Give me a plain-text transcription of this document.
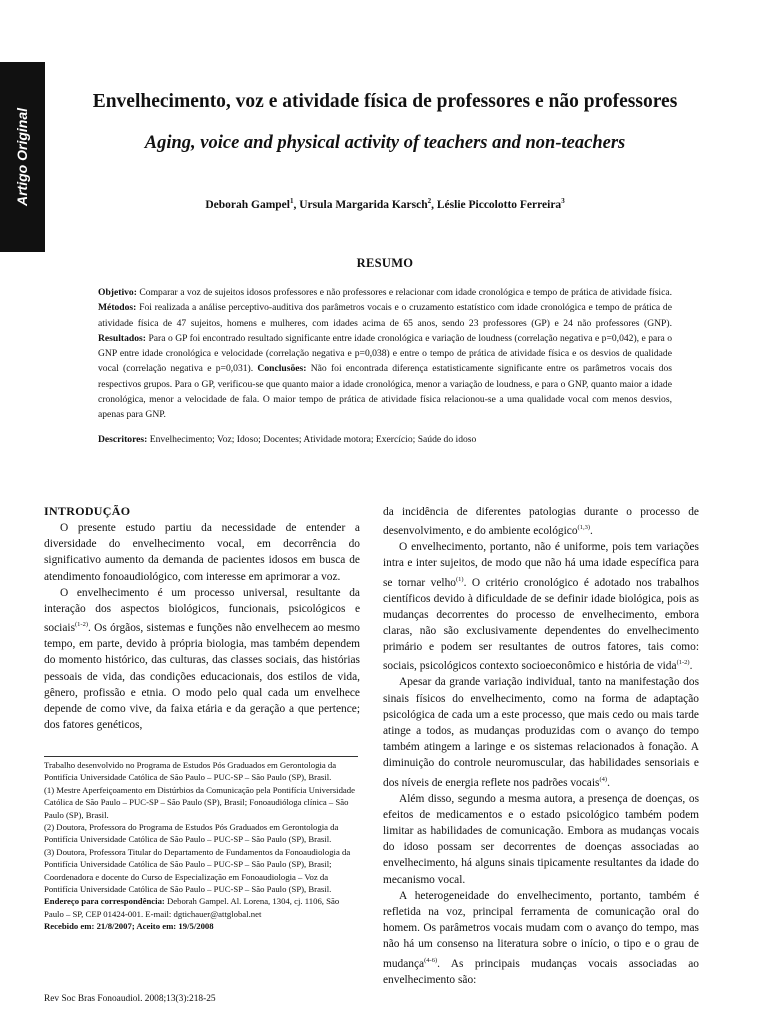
Artigo Original
Envelhecimento, voz e atividade física de professores e não professores
Aging, voice and physical activity of teachers and non-teachers
Deborah Gampel$^1$, Ursula Margarida Karsch$^2$, Léslie Piccolotto Ferreira$^3$
RESUMO
Objetivo: Comparar a voz de sujeitos idosos professores e não professores e relacionar com idade cronológica e tempo de prática de atividade física. Métodos: Foi realizada a análise perceptivo-auditiva dos parâmetros vocais e o cruzamento estatístico com idade cronológica e tempo de prática de atividade física de 47 sujeitos, homens e mulheres, com idades acima de 65 anos, sendo 23 professores (GP) e 24 não professores (GNP). Resultados: Para o GP foi encontrado resultado significante entre idade cronológica e variação de loudness (correlação negativa e p=0,042), e para o GNP entre idade cronológica e velocidade (correlação negativa e p=0,038) e entre o tempo de prática de atividade física e os desvios de qualidade vocal (correlação negativa e p=0,031). Conclusões: Não foi encontrada diferença estatisticamente significante entre os parâmetros vocais dos respectivos grupos. Para o GP, verificou-se que quanto maior a idade cronológica, menor a variação de loudness, e para o GNP, quanto maior a idade cronológica, menor a velocidade de fala. O maior tempo de prática de atividade física relacionou-se a uma qualidade vocal com menos desvios, apenas para GNP.
Descritores: Envelhecimento; Voz; Idoso; Docentes; Atividade motora; Exercício; Saúde do idoso
INTRODUÇÃO

O presente estudo partiu da necessidade de entender a diversidade do envelhecimento vocal, em decorrência do significativo aumento da demanda de pacientes idosos em busca de atendimento fonoaudiológico, com interesse em aprimorar a voz.

O envelhecimento é um processo universal, resultante da interação dos aspectos biológicos, funcionais, psicológicos e sociais$^{(1-2)}$. Os órgãos, sistemas e funções não envelhecem ao mesmo tempo, em parte, devido à própria biologia, mas também dependem do momento histórico, das culturas, das classes sociais, das histórias pessoais de vida, das condições educacionais, dos estilos de vida, gênero, profissão e etnia. O modo pelo qual cada um envelhece depende de como vive, da faixa etária e da geração a que pertence; dos fatores genéticos,

Trabalho desenvolvido no Programa de Estudos Pós Graduados em Gerontologia da Pontifícia Universidade Católica de São Paulo – PUC-SP – São Paulo (SP), Brasil.
(1) Mestre Aperfeiçoamento em Distúrbios da Comunicação pela Pontifícia Universidade Católica de São Paulo – PUC-SP – São Paulo (SP), Brasil; Fonoaudióloga clínica – São Paulo (SP), Brasil.
(2) Doutora, Professora do Programa de Estudos Pós Graduados em Gerontologia da Pontifícia Universidade Católica de São Paulo – PUC-SP – São Paulo (SP), Brasil.
(3) Doutora, Professora Titular do Departamento de Fundamentos da Fonoaudiologia da Pontifícia Universidade Católica de São Paulo – PUC-SP – São Paulo (SP), Brasil; Coordenadora e docente do Curso de Especialização em Fonoaudiologia – Voz da Pontifícia Universidade Católica de São Paulo – PUC-SP – São Paulo (SP), Brasil.
Endereço para correspondência: Deborah Gampel. Al. Lorena, 1304, cj. 1106, São Paulo – SP, CEP 01424-001. E-mail: dgtichauer@attglobal.net
Recebido em: 21/8/2007; Aceito em: 19/5/2008
Rev Soc Bras Fonoaudiol. 2008;13(3):218-25

da incidência de diferentes patologias durante o processo de desenvolvimento, e do ambiente ecológico$^{(1,3)}$.

O envelhecimento, portanto, não é uniforme, pois tem variações intra e inter sujeitos, de modo que não há uma idade específica para se tornar velho$^{(1)}$. O critério cronológico é adotado nos trabalhos científicos devido à dificuldade de se definir idade biológica, pois as mudanças decorrentes do processo de envelhecimento, embora claras, não são exclusivamente dependentes do envelhecimento primário e podem ser resultantes de outros fatores, tais como: sociais, psicológicos contexto socioeconômico e história de vida$^{(1-2)}$.

Apesar da grande variação individual, tanto na manifestação dos sinais físicos do envelhecimento, como na forma de adaptação psicológica de cada um a este processo, que mais cedo ou mais tarde atinge a todos, as mudanças produzidas com o avanço do tempo também atingem a laringe e os sistemas relacionados à fonação. A diminuição do controle neuromuscular, das habilidades sensoriais e dos níveis de energia reflete nos padrões vocais$^{(4)}$.

Além disso, segundo a mesma autora, a presença de doenças, os efeitos de medicamentos e o estado psicológico também podem limitar as habilidades de comunicação. Embora as mudanças vocais do idoso possam ser decorrentes de doenças associadas ao envelhecimento, há alguns sinais tipicamente resultantes da idade do mecanismo vocal.

A heterogeneidade do envelhecimento, portanto, também é refletida na voz, principal ferramenta de comunicação oral do homem. Os parâmetros vocais mudam com o avanço do tempo, mas não há um consenso na literatura sobre o início, o tipo e o grau de mudança$^{(4-6)}$. As principais mudanças vocais associadas ao envelhecimento são:
